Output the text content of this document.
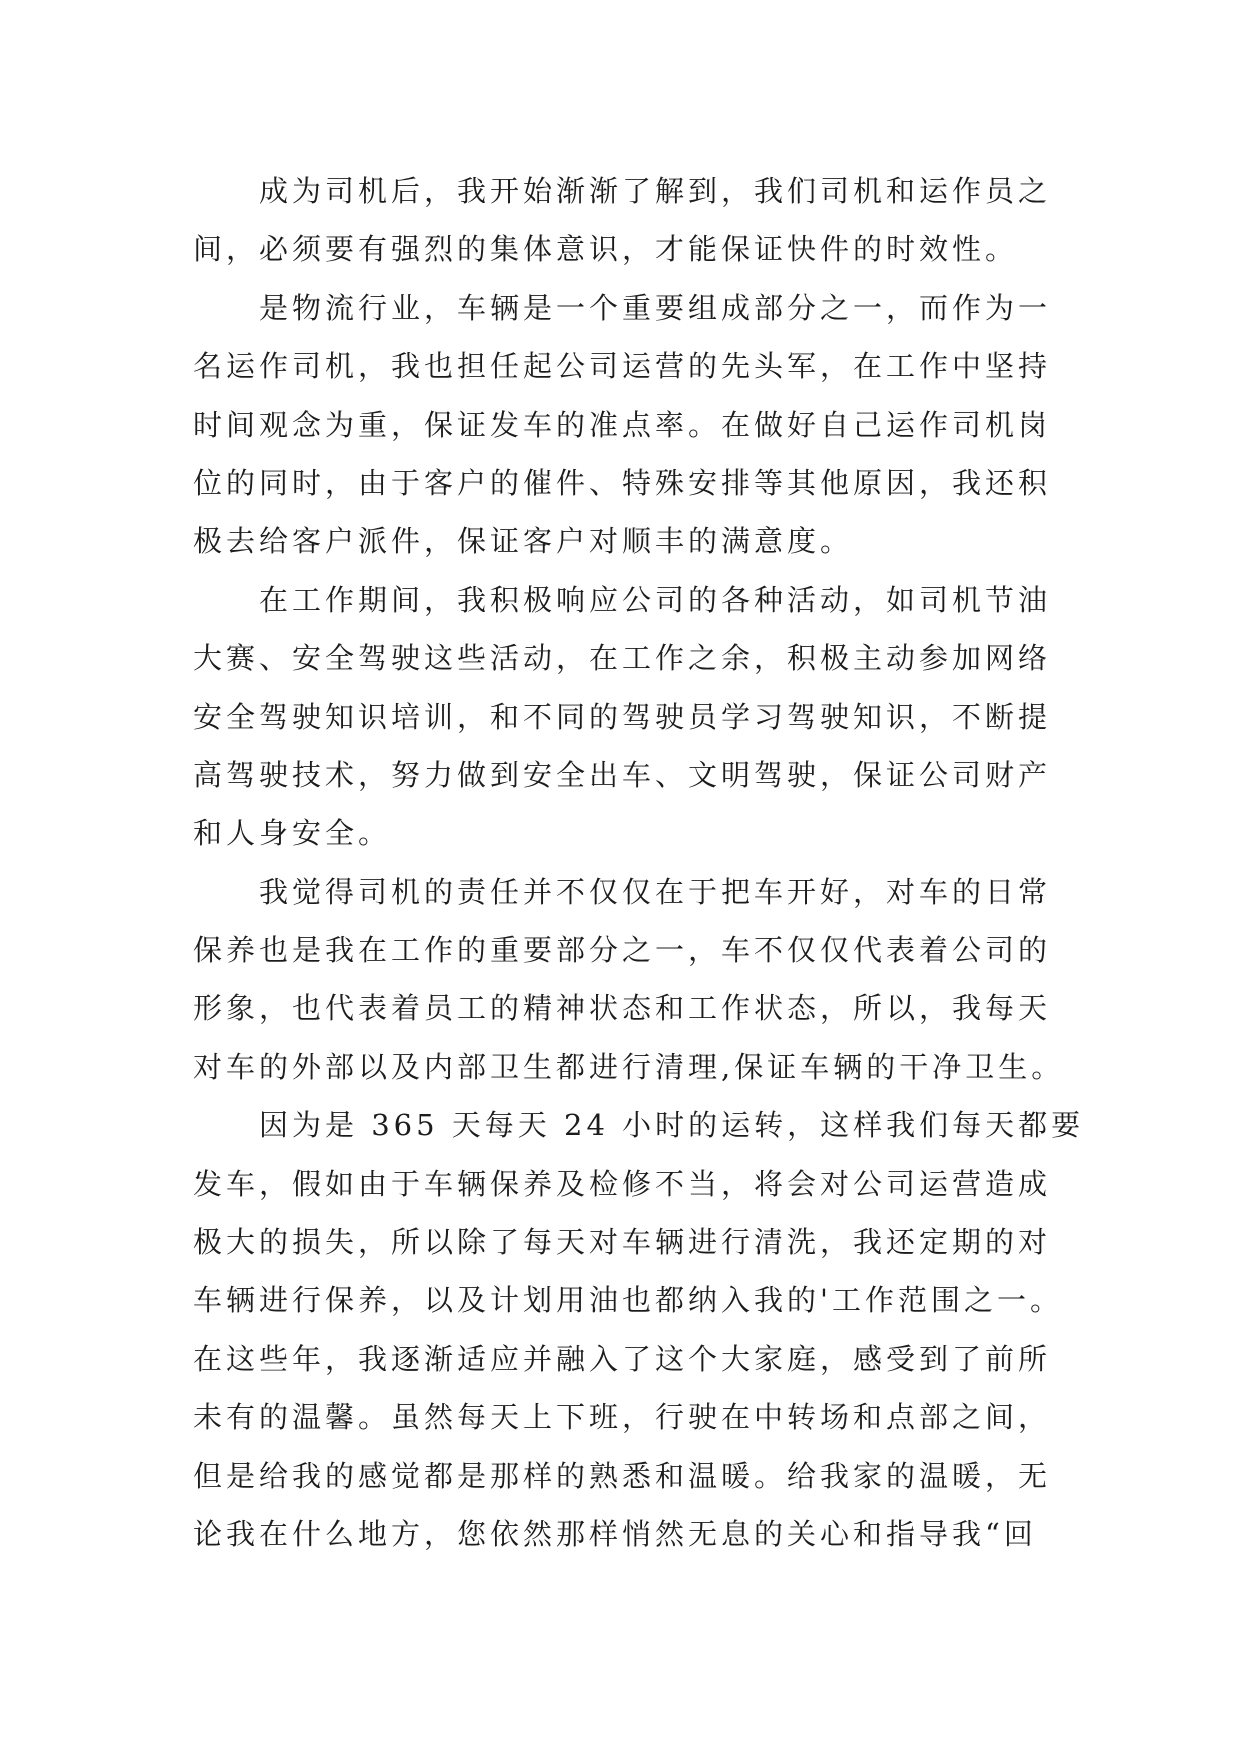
成为司机后，我开始渐渐了解到，我们司机和运作员之

间，必须要有强烈的集体意识，才能保证快件的时效性。

是物流行业，车辆是一个重要组成部分之一，而作为一

名运作司机，我也担任起公司运营的先头军，在工作中坚持

时间观念为重，保证发车的准点率。在做好自己运作司机岗

位的同时，由于客户的催件、特殊安排等其他原因，我还积

极去给客户派件，保证客户对顺丰的满意度。

在工作期间，我积极响应公司的各种活动，如司机节油

大赛、安全驾驶这些活动，在工作之余，积极主动参加网络

安全驾驶知识培训，和不同的驾驶员学习驾驶知识，不断提

高驾驶技术，努力做到安全出车、文明驾驶，保证公司财产

和人身安全。

我觉得司机的责任并不仅仅在于把车开好，对车的日常

保养也是我在工作的重要部分之一，车不仅仅代表着公司的

形象，也代表着员工的精神状态和工作状态，所以，我每天

对车的外部以及内部卫生都进行清理,保证车辆的干净卫生。

因为是 365 天每天 24 小时的运转，这样我们每天都要

发车，假如由于车辆保养及检修不当，将会对公司运营造成

极大的损失，所以除了每天对车辆进行清洗，我还定期的对

车辆进行保养，以及计划用油也都纳入我的'工作范围之一。

在这些年，我逐渐适应并融入了这个大家庭，感受到了前所

未有的温馨。虽然每天上下班，行驶在中转场和点部之间，

但是给我的感觉都是那样的熟悉和温暖。给我家的温暖，无

论我在什么地方，您依然那样悄然无息的关心和指导我“回
